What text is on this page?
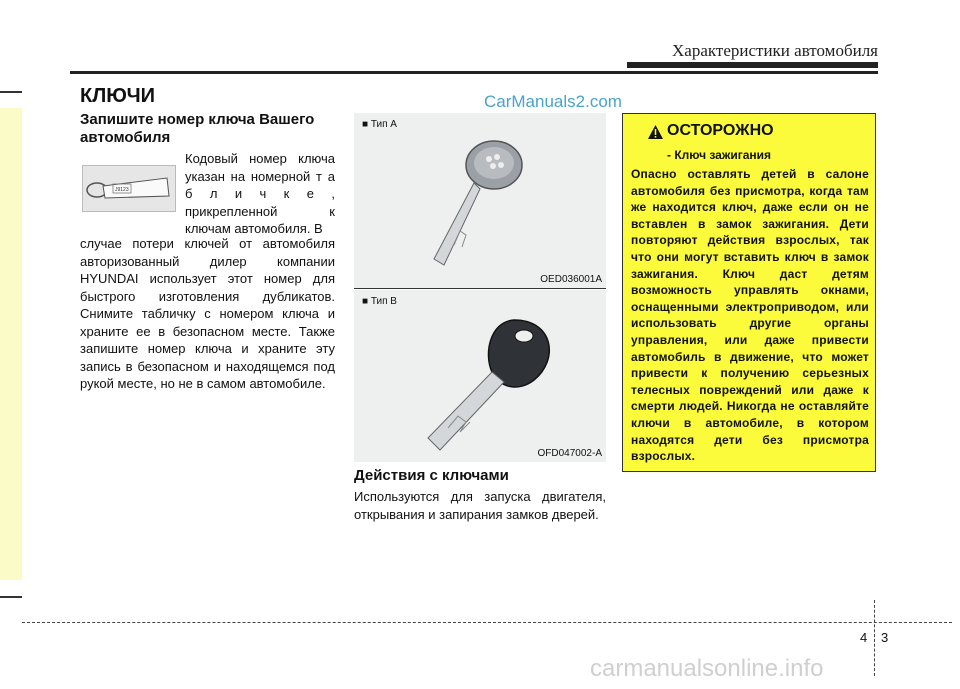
Характеристики автомобиля
КЛЮЧИ	CarManuals2.com
Запишите номер ключа Вашего автомобиля
J9123
Кодовый номер ключа указан на номерной т а б л и ч к е , прикрепленной к ключам автомобиля. В
случае потери ключей от автомобиля авторизованный дилер компании HYUNDAI использует этот номер для быстрого изготовления дубликатов. Снимите табличку с номером ключа и храните ее в безопасном месте. Также запишите номер ключа и храните эту запись в безопасном и находящемся под рукой месте, но не в самом автомобиле.
■ Тип A
OED036001A
■ Тип B
OFD047002-A
Действия с ключами
Используются для запуска двигателя, открывания и запирания замков дверей.
ОСТОРОЖНО
- Ключ зажигания
Опасно оставлять детей в салоне автомобиля без присмотра, когда там же находится ключ, даже если он не вставлен в замок зажигания. Дети повторяют действия взрослых, так что они могут вставить ключ в замок зажигания. Ключ даст детям возможность управлять окнами, оснащенными электроприводом, или использовать другие органы управления, или даже привести автомобиль в движение, что может привести к получению серьезных телесных повреждений или даже к смерти людей. Никогда не оставляйте ключи в автомобиле, в котором находятся дети без присмотра взрослых.
4 3
carmanualsonline.info
